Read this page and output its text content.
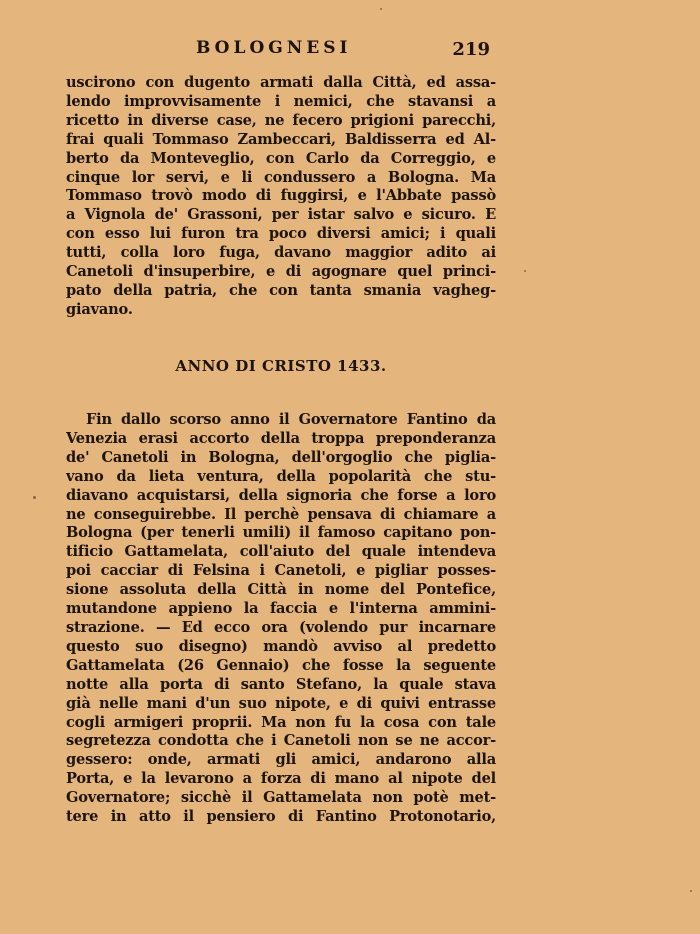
BOLOGNESI	219
uscirono con dugento armati dalla Città, ed assa-
lendo improvvisamente i nemici, che stavansi a
ricetto in diverse case, ne fecero prigioni parecchi,
frai quali Tommaso Zambeccari, Baldisserra ed Al-
berto da Monteveglio, con Carlo da Correggio, e
cinque lor servi, e li condussero a Bologna. Ma
Tommaso trovò modo di fuggirsi, e l'Abbate passò
a Vignola de' Grassoni, per istar salvo e sicuro. E
con esso lui furon tra poco diversi amici; i quali
tutti, colla loro fuga, davano maggior adito ai
Canetoli d'insuperbire, e di agognare quel princi-
pato della patria, che con tanta smania vagheg-
giavano.
ANNO DI CRISTO 1433.
Fin dallo scorso anno il Governatore Fantino da
Venezia erasi accorto della troppa preponderanza
de' Canetoli in Bologna, dell'orgoglio che piglia-
vano da lieta ventura, della popolarità che stu-
diavano acquistarsi, della signoria che forse a loro
ne conseguirebbe. Il perchè pensava di chiamare a
Bologna (per tenerli umili) il famoso capitano pon-
tificio Gattamelata, coll'aiuto del quale intendeva
poi cacciar di Felsina i Canetoli, e pigliar posses-
sione assoluta della Città in nome del Pontefice,
mutandone appieno la faccia e l'interna ammini-
strazione. — Ed ecco ora (volendo pur incarnare
questo suo disegno) mandò avviso al predetto
Gattamelata (26 Gennaio) che fosse la seguente
notte alla porta di santo Stefano, la quale stava
già nelle mani d'un suo nipote, e di quivi entrasse
cogli armigeri proprii. Ma non fu la cosa con tale
segretezza condotta che i Canetoli non se ne accor-
gessero: onde, armati gli amici, andarono alla
Porta, e la levarono a forza di mano al nipote del
Governatore; sicchè il Gattamelata non potè met-
tere in atto il pensiero di Fantino Protonotario,
